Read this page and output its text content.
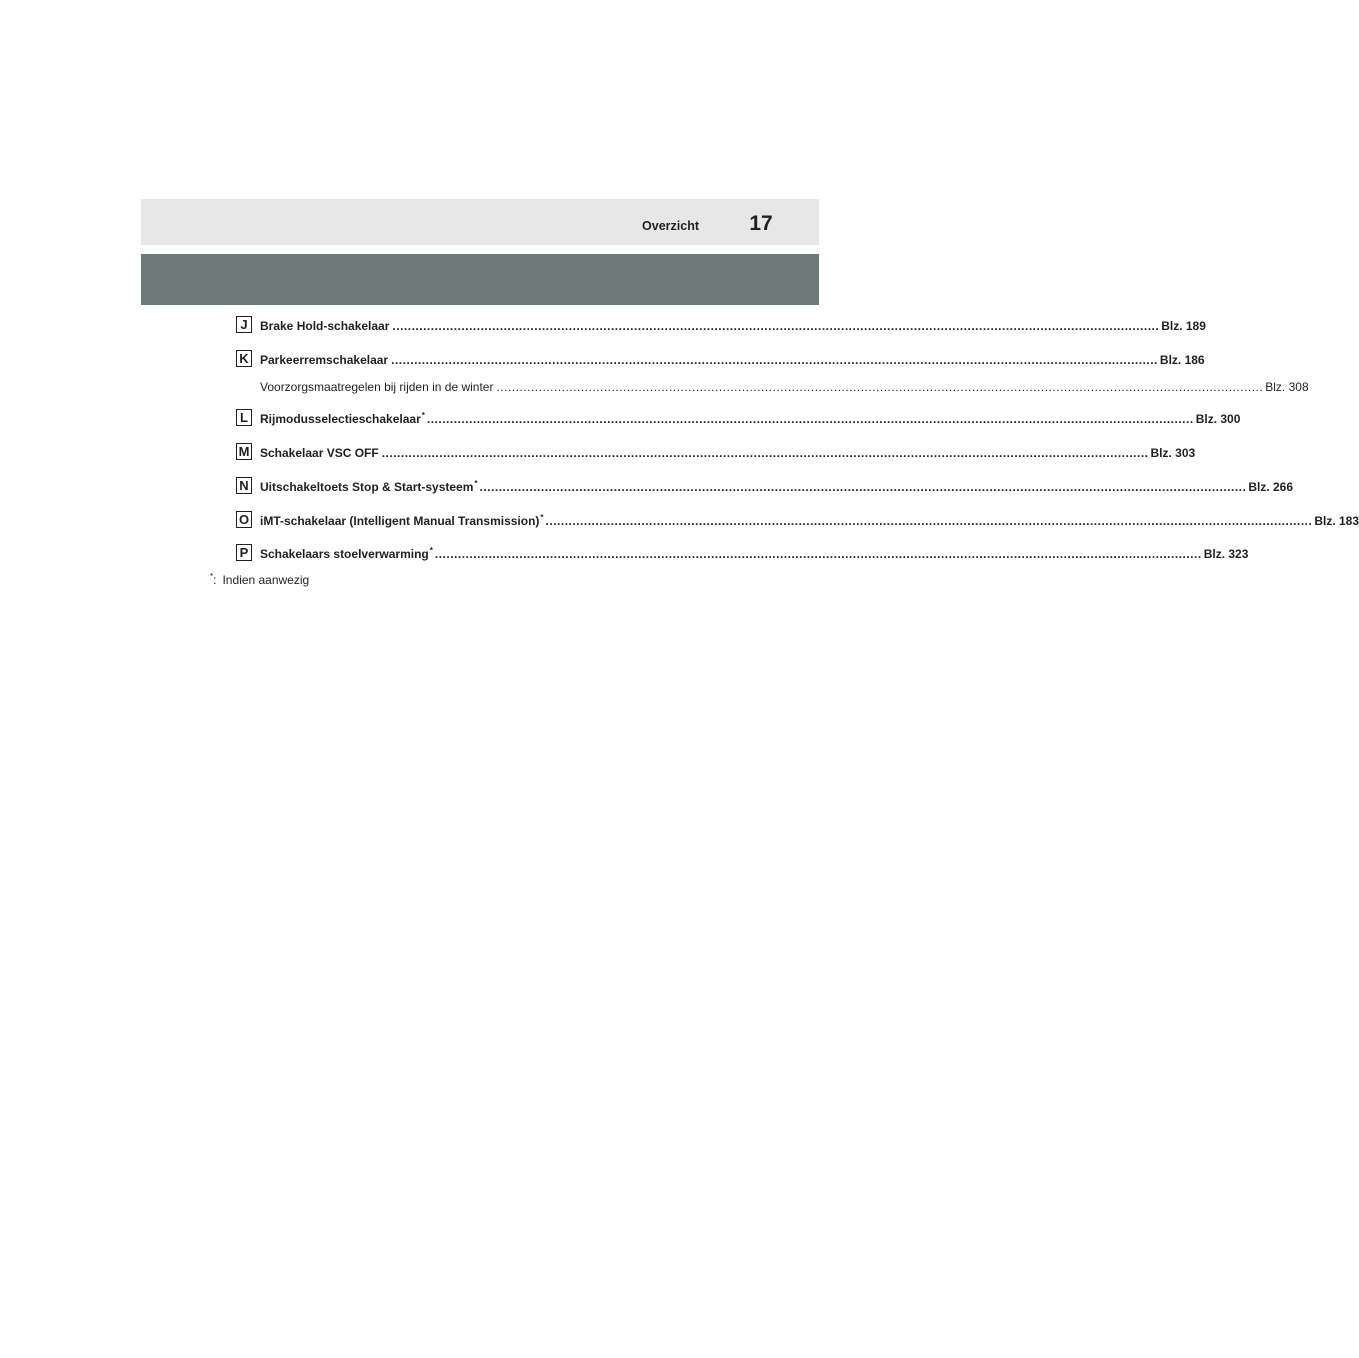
Overzicht	17
J	Brake Hold-schakelaar ........................................................................................................................................................................................................ Blz. 189
K Parkeerremschakelaar ........................................................................................................................................................................................................ Blz. 186
Voorzorgsmaatregelen bij rijden in de winter ........................................................................................................................................................................................................ Blz. 308
L	Rijmodusselectieschakelaar* ........................................................................................................................................................................................................ Blz. 300
M Schakelaar VSC OFF ........................................................................................................................................................................................................ Blz. 303
N Uitschakeltoets Stop & Start-systeem* ........................................................................................................................................................................................................ Blz. 266
O iMT-schakelaar (Intelligent Manual Transmission)* ........................................................................................................................................................................................................ Blz. 183
P Schakelaars stoelverwarming* ........................................................................................................................................................................................................ Blz. 323
*: Indien aanwezig
